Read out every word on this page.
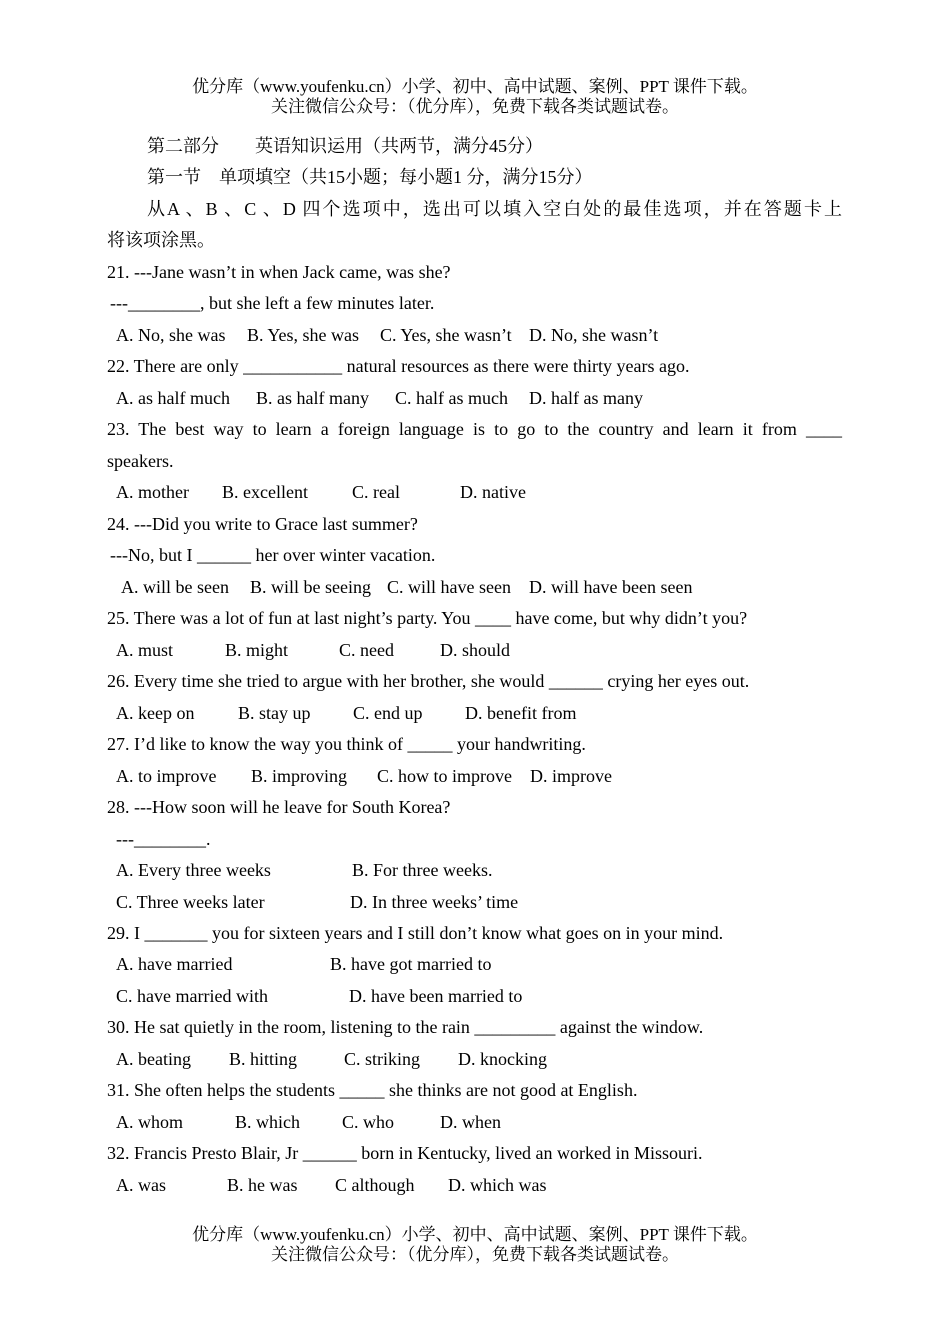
优分库（www.youfenku.cn）小学、初中、高中试题、案例、PPT 课件下载。
关注微信公众号：（优分库），免费下载各类试题试卷。
第二部分　　英语知识运用（共两节，满分45分）
第一节　单项填空（共15小题；每小题1 分，满分15分）
从A 、B 、C 、D 四个选项中，选出可以填入空白处的最佳选项，并在答题卡上
将该项涂黑。
21. ---Jane wasn’t in when Jack came, was she?
---________, but she left a few minutes later.
A. No, she was B. Yes, she was C. Yes, she wasn’t D. No, she wasn’t
22. There are only ___________ natural resources as there were thirty years ago.
A. as half much B. as half many C. half as much D. half as many
23. The best way to learn a foreign language is to go to the country and learn it from ____
speakers.
A. mother B. excellent C. real	D. native
24. ---Did you write to Grace last summer?
---No, but I ______ her over winter vacation.
A. will be seen B. will be seeing C. will have seen D. will have been seen
25. There was a lot of fun at last night’s party. You ____ have come, but why didn’t you?
A. must	B. might	C. need	D. should
26. Every time she tried to argue with her brother, she would ______ crying her eyes out.
A. keep on B. stay up C. end up D. benefit from
27. I’d like to know the way you think of _____ your handwriting.
A. to improve B. improving C. how to improve D. improve
28. ---How soon will he leave for South Korea?
---________.
A. Every three weeks	B. For three weeks.
C. Three weeks later	D. In three weeks’ time
29. I _______ you for sixteen years and I still don’t know what goes on in your mind.
A. have married	B. have got married to
C. have married with	D. have been married to
30. He sat quietly in the room, listening to the rain _________ against the window.
A. beating B. hitting	C. striking D. knocking
31. She often helps the students _____ she thinks are not good at English.
A. whom	B. which C. who	D. when
32. Francis Presto Blair, Jr ______ born in Kentucky, lived an worked in Missouri.
A. was	B. he was C although D. which was
优分库（www.youfenku.cn）小学、初中、高中试题、案例、PPT 课件下载。
关注微信公众号：（优分库），免费下载各类试题试卷。
